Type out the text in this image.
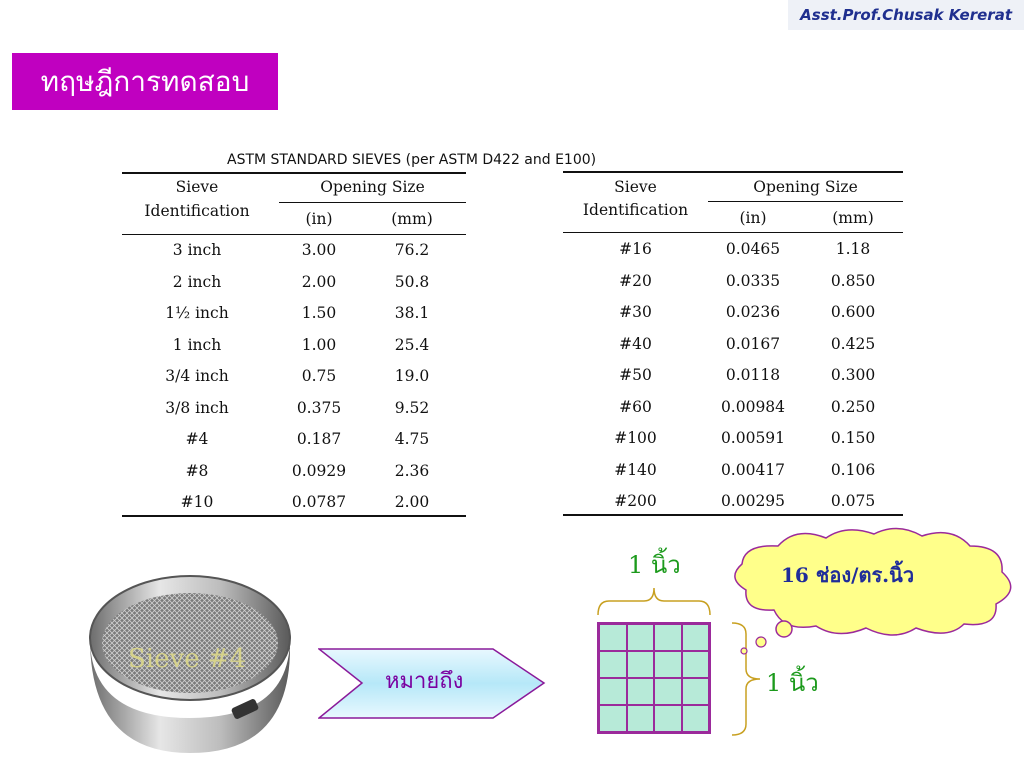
Asst.Prof.Chusak Kererat
ทฤษฎีการทดสอบ
ASTM STANDARD SIEVES (per ASTM D422 and E100)
Sieve
Identification
Opening Size
(in)	(mm)
3 inch	3.00	76.2
2 inch	2.00	50.8
1½ inch	1.50	38.1
1 inch	1.00	25.4
3/4 inch	0.75	19.0
3/8 inch	0.375	9.52
#4	0.187	4.75
#8	0.0929	2.36
#10	0.0787	2.00
Sieve
Identification
Opening Size
(in)	(mm)
#16	0.0465	1.18
#20	0.0335	0.850
#30	0.0236	0.600
#40	0.0167	0.425
#50	0.0118	0.300
#60	0.00984	0.250
#100	0.00591	0.150
#140	0.00417	0.106
#200	0.00295	0.075
Sieve #4
หมายถึง
1 นิ้ว
1 นิ้ว
16 ช่อง/ตร.นิ้ว
